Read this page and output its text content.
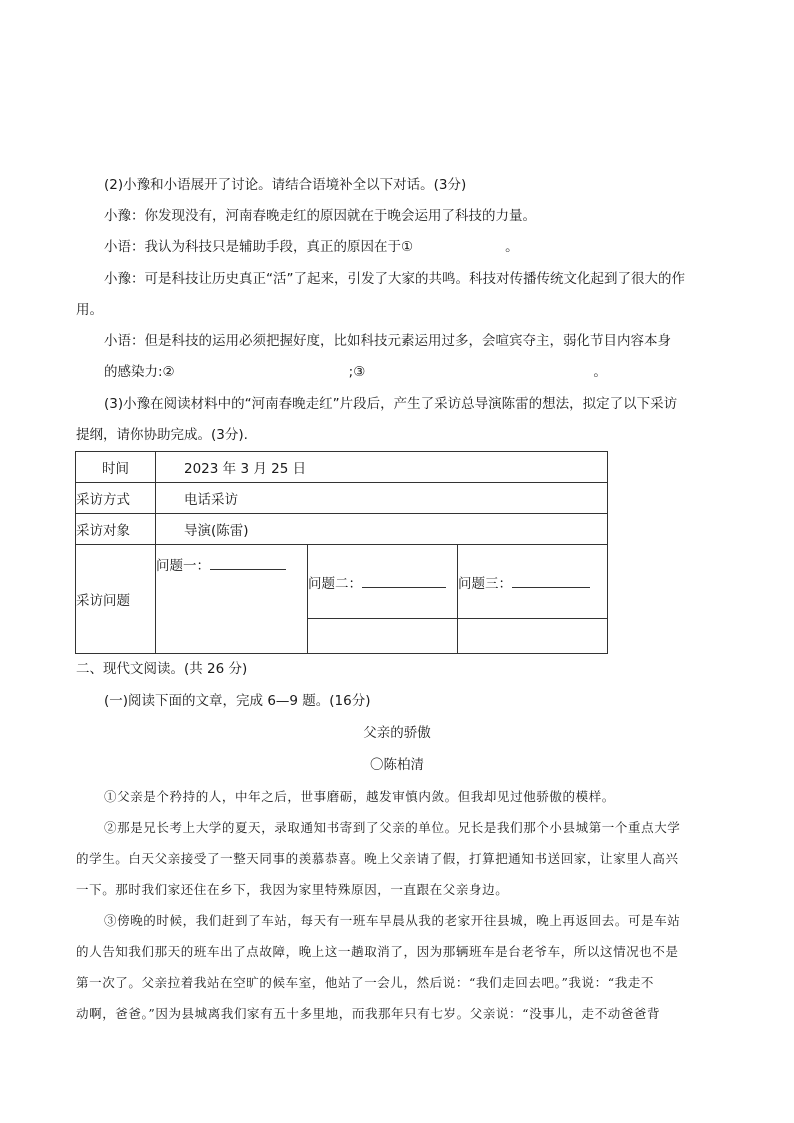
(2)小豫和小语展开了讨论。请结合语境补全以下对话。(3分)
小豫：你发现没有，河南春晚走红的原因就在于晚会运用了科技的力量。
小语：我认为科技只是辅助手段，真正的原因在于①	。
小豫：可是科技让历史真正“活”了起来，引发了大家的共鸣。科技对传播传统文化起到了很大的作
用。
小语：但是科技的运用必须把握好度，比如科技元素运用过多，会喧宾夺主，弱化节目内容本身
的感染力:②	;③	。
(3)小豫在阅读材料中的“河南春晚走红”片段后，产生了采访总导演陈雷的想法，拟定了以下采访
提纲，请你协助完成。(3分).
时间	2023 年 3 月 25 日		
采访方式	电话采访		
采访对象	导演(陈雷)		
采访问题	问题一：	问题二：	问题三：

二、现代文阅读。(共 26 分)
(一)阅读下面的文章，完成 6—9 题。(16分)
父亲的骄傲
〇陈柏清
①父亲是个矜持的人，中年之后，世事磨砺，越发审慎内敛。但我却见过他骄傲的模样。
②那是兄长考上大学的夏天，录取通知书寄到了父亲的单位。兄长是我们那个小县城第一个重点大学
的学生。白天父亲接受了一整天同事的羡慕恭喜。晚上父亲请了假，打算把通知书送回家，让家里人高兴
一下。那时我们家还住在乡下，我因为家里特殊原因，一直跟在父亲身边。
③傍晚的时候，我们赶到了车站，每天有一班车早晨从我的老家开往县城，晚上再返回去。可是车站
的人告知我们那天的班车出了点故障，晚上这一趟取消了，因为那辆班车是台老爷车，所以这情况也不是
第一次了。父亲拉着我站在空旷的候车室，他站了一会儿，然后说：“我们走回去吧。”我说：“我走不
动啊，爸爸。”因为县城离我们家有五十多里地，而我那年只有七岁。父亲说：“没事儿，走不动爸爸背
